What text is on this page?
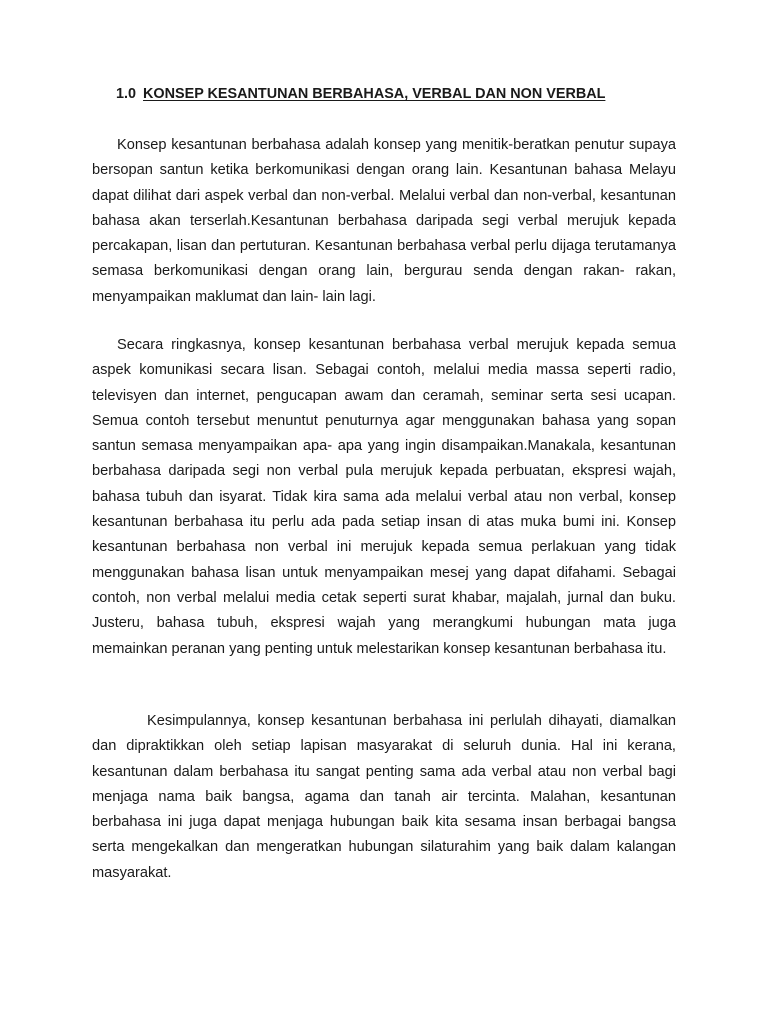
1.0 KONSEP KESANTUNAN BERBAHASA, VERBAL DAN NON VERBAL

Konsep kesantunan berbahasa adalah konsep yang menitik-beratkan penutur supaya bersopan santun ketika berkomunikasi dengan orang lain. Kesantunan bahasa Melayu dapat dilihat dari aspek verbal dan non-verbal. Melalui verbal dan non-verbal, kesantunan bahasa akan terserlah.Kesantunan berbahasa daripada segi verbal merujuk kepada percakapan, lisan dan pertuturan. Kesantunan berbahasa verbal perlu dijaga terutamanya semasa berkomunikasi dengan orang lain, bergurau senda dengan rakan- rakan, menyampaikan maklumat dan lain- lain lagi.

Secara ringkasnya, konsep kesantunan berbahasa verbal merujuk kepada semua aspek komunikasi secara lisan. Sebagai contoh, melalui media massa seperti radio, televisyen dan internet, pengucapan awam dan ceramah, seminar serta sesi ucapan. Semua contoh tersebut menuntut penuturnya agar menggunakan bahasa yang sopan santun semasa menyampaikan apa- apa yang ingin disampaikan.Manakala, kesantunan berbahasa daripada segi non verbal pula merujuk kepada perbuatan, ekspresi wajah, bahasa tubuh dan isyarat. Tidak kira sama ada melalui verbal atau non verbal, konsep kesantunan berbahasa itu perlu ada pada setiap insan di atas muka bumi ini. Konsep kesantunan berbahasa non verbal ini merujuk kepada semua perlakuan yang tidak menggunakan bahasa lisan untuk menyampaikan mesej yang dapat difahami. Sebagai contoh, non verbal melalui media cetak seperti surat khabar, majalah, jurnal dan buku. Justeru, bahasa tubuh, ekspresi wajah yang merangkumi hubungan mata juga memainkan peranan yang penting untuk melestarikan konsep kesantunan berbahasa itu.

Kesimpulannya, konsep kesantunan berbahasa ini perlulah dihayati, diamalkan dan dipraktikkan oleh setiap lapisan masyarakat di seluruh dunia. Hal ini kerana, kesantunan dalam berbahasa itu sangat penting sama ada verbal atau non verbal bagi menjaga nama baik bangsa, agama dan tanah air tercinta. Malahan, kesantunan berbahasa ini juga dapat menjaga hubungan baik kita sesama insan berbagai bangsa serta mengekalkan dan mengeratkan hubungan silaturahim yang baik dalam kalangan masyarakat.
